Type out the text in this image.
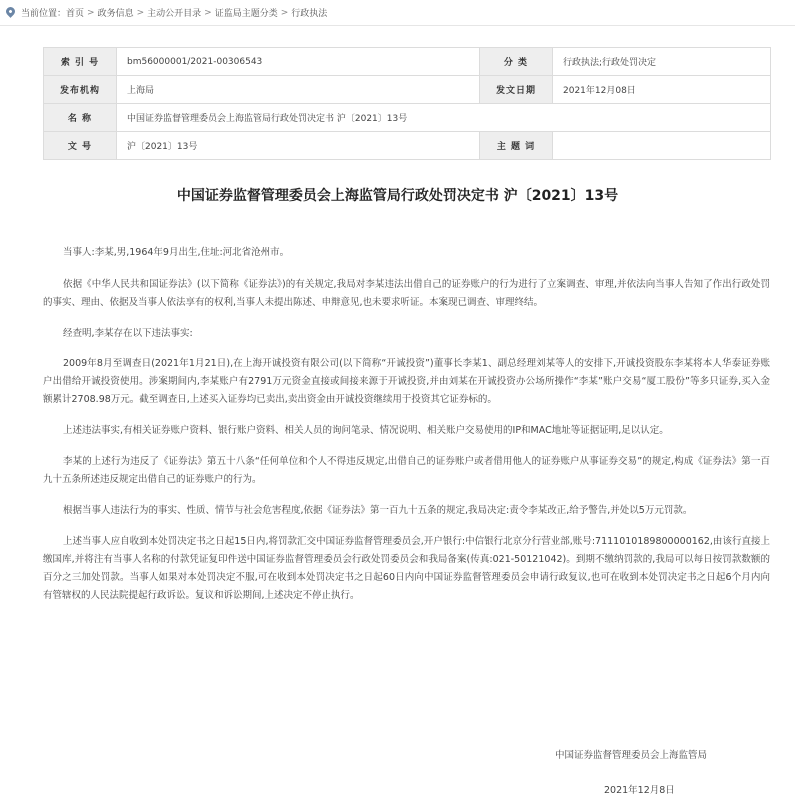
当前位置： 首页 > 政务信息 > 主动公开目录 > 证监局主题分类 > 行政执法
索 引 号	bm56000001/2021-00306543	分 类	行政执法;行政处罚决定
发布机构	上海局	发文日期	2021年12月08日
名 称	中国证券监督管理委员会上海监管局行政处罚决定书 沪〔2021〕13号		
文 号	沪〔2021〕13号	主 题 词	
中国证券监督管理委员会上海监管局行政处罚决定书 沪〔2021〕13号

当事人:李某,男,1964年9月出生,住址:河北省沧州市。

依据《中华人民共和国证券法》(以下简称《证券法》)的有关规定,我局对李某违法出借自己的证券账户的行为进行了立案调查、审理,并依法向当事人告知了作出行政处罚的事实、理由、依据及当事人依法享有的权利,当事人未提出陈述、申辩意见,也未要求听证。本案现已调查、审理终结。

经查明,李某存在以下违法事实:

2009年8月至调查日(2021年1月21日),在上海开诚投资有限公司(以下简称“开诚投资”)董事长李某1、副总经理刘某等人的安排下,开诚投资股东李某将本人华泰证券账户出借给开诚投资使用。涉案期间内,李某账户有2791万元资金直接或间接来源于开诚投资,并由刘某在开诚投资办公场所操作“李某”账户交易“厦工股份”等多只证券,买入金额累计2708.98万元。截至调查日,上述买入证券均已卖出,卖出资金由开诚投资继续用于投资其它证券标的。

上述违法事实,有相关证券账户资料、银行账户资料、相关人员的询问笔录、情况说明、相关账户交易使用的IP和MAC地址等证据证明,足以认定。

李某的上述行为违反了《证券法》第五十八条“任何单位和个人不得违反规定,出借自己的证券账户或者借用他人的证券账户从事证券交易”的规定,构成《证券法》第一百九十五条所述违反规定出借自己的证券账户的行为。

根据当事人违法行为的事实、性质、情节与社会危害程度,依据《证券法》第一百九十五条的规定,我局决定:责令李某改正,给予警告,并处以5万元罚款。

上述当事人应自收到本处罚决定书之日起15日内,将罚款汇交中国证券监督管理委员会,开户银行:中信银行北京分行营业部,账号:7111010189800000162,由该行直接上缴国库,并将注有当事人名称的付款凭证复印件送中国证券监督管理委员会行政处罚委员会和我局备案(传真:021-50121042)。到期不缴纳罚款的,我局可以每日按罚款数额的百分之三加处罚款。当事人如果对本处罚决定不服,可在收到本处罚决定书之日起60日内向中国证券监督管理委员会申请行政复议,也可在收到本处罚决定书之日起6个月内向有管辖权的人民法院提起行政诉讼。复议和诉讼期间,上述决定不停止执行。

中国证券监督管理委员会上海监管局
2021年12月8日
